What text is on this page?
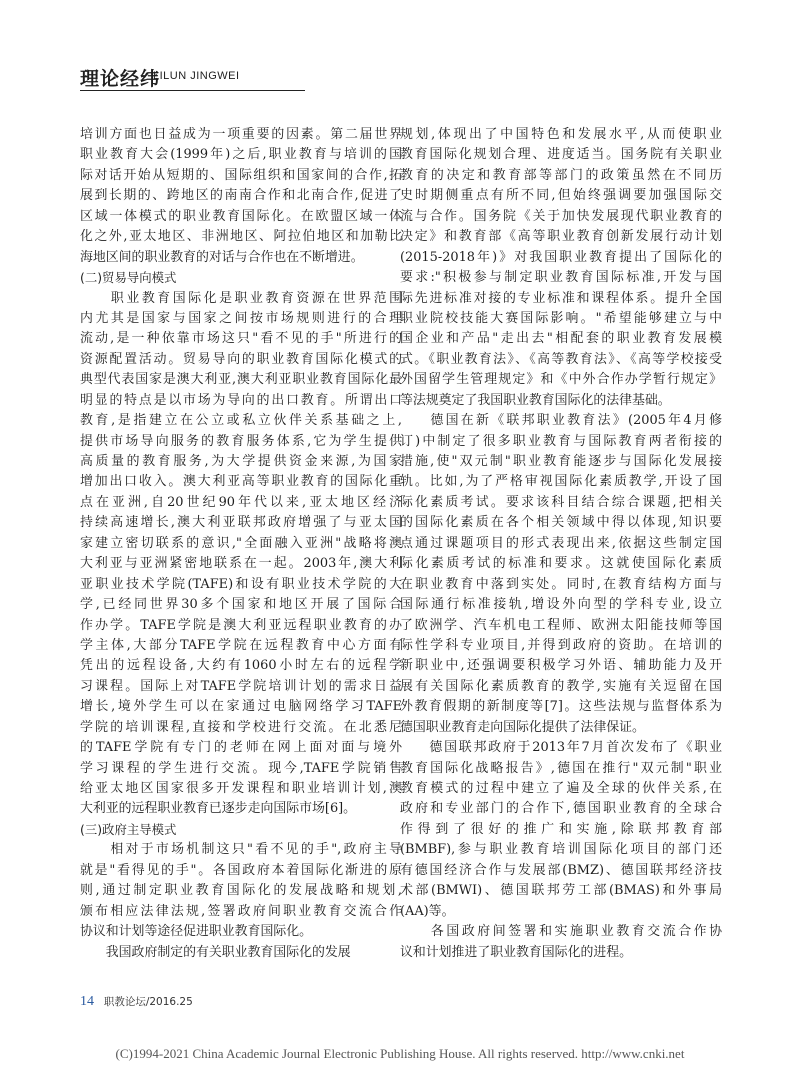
理论经纬
LILUN JINGWEI
培训方面也日益成为一项重要的因素。第二届世界
职业教育大会(1999年)之后,职业教育与培训的国
际对话开始从短期的、国际组织和国家间的合作,拓
展到长期的、跨地区的南南合作和北南合作,促进了
区域一体模式的职业教育国际化。在欧盟区域一体
化之外,亚太地区、非洲地区、阿拉伯地区和加勒比
海地区间的职业教育的对话与合作也在不断增进。
(二)贸易导向模式
　　职业教育国际化是职业教育资源在世界范围
内尤其是国家与国家之间按市场规则进行的合理
流动,是一种依靠市场这只"看不见的手"所进行的
资源配置活动。贸易导向的职业教育国际化模式的
典型代表国家是澳大利亚,澳大利亚职业教育国际化最
明显的特点是以市场为导向的出口教育。所谓出口
教育,是指建立在公立或私立伙伴关系基础之上,
提供市场导向服务的教育服务体系,它为学生提供
高质量的教育服务,为大学提供资金来源,为国家
增加出口收入。澳大利亚高等职业教育的国际化重
点在亚洲,自20世纪90年代以来,亚太地区经济
持续高速增长,澳大利亚联邦政府增强了与亚太国
家建立密切联系的意识,"全面融入亚洲"战略将澳
大利亚与亚洲紧密地联系在一起。2003年,澳大利
亚职业技术学院(TAFE)和设有职业技术学院的大
学,已经同世界30多个国家和地区开展了国际合
作办学。TAFE学院是澳大利亚远程职业教育的办
学主体,大部分TAFE学院在远程教育中心方面有
凭出的远程设备,大约有1060小时左右的远程学
习课程。国际上对TAFE学院培训计划的需求日益
增长,境外学生可以在家通过电脑网络学习TAFE
学院的培训课程,直接和学校进行交流。在北悉尼
的TAFE学院有专门的老师在网上面对面与境外
学习课程的学生进行交流。现今,TAFE学院销售
给亚太地区国家很多开发课程和职业培训计划,澳
大利亚的远程职业教育已逐步走向国际市场[6]。
(三)政府主导模式
　　相对于市场机制这只"看不见的手",政府主导
就是"看得见的手"。各国政府本着国际化渐进的原
则,通过制定职业教育国际化的发展战略和规划,
颁布相应法律法规,签署政府间职业教育交流合作
协议和计划等途径促进职业教育国际化。
　　我国政府制定的有关职业教育国际化的发展
规划,体现出了中国特色和发展水平,从而使职业
教育国际化规划合理、进度适当。国务院有关职业
教育的决定和教育部等部门的政策虽然在不同历
史时期侧重点有所不同,但始终强调要加强国际交
流与合作。国务院《关于加快发展现代职业教育的
决定》和教育部《高等职业教育创新发展行动计划
(2015-2018年)》对我国职业教育提出了国际化的
要求:"积极参与制定职业教育国际标准,开发与国
际先进标准对接的专业标准和课程体系。提升全国
职业院校技能大赛国际影响。"希望能够建立与中
国企业和产品"走出去"相配套的职业教育发展模
式。《职业教育法》、《高等教育法》、《高等学校接受
外国留学生管理规定》和《中外合作办学暂行规定》
等法规奠定了我国职业教育国际化的法律基础。
　　德国在新《联邦职业教育法》(2005年4月修
订)中制定了很多职业教育与国际教育两者衔接的
措施,使"双元制"职业教育能逐步与国际化发展接
轨。比如,为了严格审视国际化素质教学,开设了国
际化素质考试。要求该科目结合综合课题,把相关
的国际化素质在各个相关领域中得以体现,知识要
点通过课题项目的形式表现出来,依据这些制定国
际化素质考试的标准和要求。这就使国际化素质
在职业教育中落到实处。同时,在教育结构方面与
国际通行标准接轨,增设外向型的学科专业,设立
了欧洲学、汽车机电工程师、欧洲太阳能技师等国
际性学科专业项目,并得到政府的资助。在培训的
新职业中,还强调要积极学习外语、辅助能力及开
展有关国际化素质教育的教学,实施有关逗留在国
外教育假期的新制度等[7]。这些法规与监督体系为
德国职业教育走向国际化提供了法律保证。
　　德国联邦政府于2013年7月首次发布了《职业
教育国际化战略报告》,德国在推行"双元制"职业
教育模式的过程中建立了遍及全球的伙伴关系,在
政府和专业部门的合作下,德国职业教育的全球合
作得到了很好的推广和实施,除联邦教育部
(BMBF),参与职业教育培训国际化项目的部门还
有德国经济合作与发展部(BMZ)、德国联邦经济技
术部(BMWI)、德国联邦劳工部(BMAS)和外事局
(AA)等。
　　各国政府间签署和实施职业教育交流合作协
议和计划推进了职业教育国际化的进程。
14 职教论坛/2016.25
(C)1994-2021 China Academic Journal Electronic Publishing House. All rights reserved. http://www.cnki.net
